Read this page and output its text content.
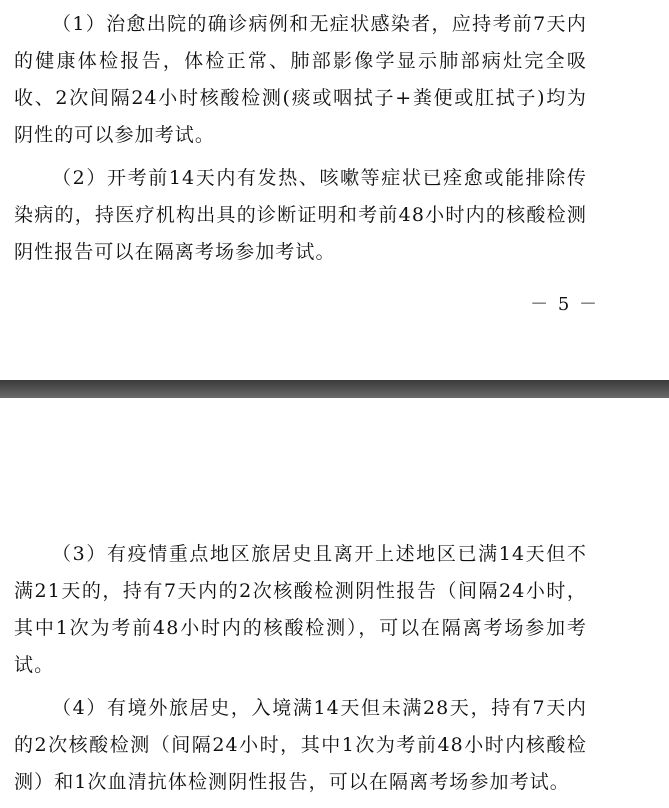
（1）治愈出院的确诊病例和无症状感染者，应持考前7天内的健康体检报告，体检正常、肺部影像学显示肺部病灶完全吸收、2次间隔24小时核酸检测(痰或咽拭子+粪便或肛拭子)均为阴性的可以参加考试。

（2）开考前14天内有发热、咳嗽等症状已痊愈或能排除传染病的，持医疗机构出具的诊断证明和考前48小时内的核酸检测阴性报告可以在隔离考场参加考试。

－ 5 －

（3）有疫情重点地区旅居史且离开上述地区已满14天但不满21天的，持有7天内的2次核酸检测阴性报告（间隔24小时，其中1次为考前48小时内的核酸检测），可以在隔离考场参加考试。

（4）有境外旅居史，入境满14天但未满28天，持有7天内的2次核酸检测（间隔24小时，其中1次为考前48小时内核酸检测）和1次血清抗体检测阴性报告，可以在隔离考场参加考试。
